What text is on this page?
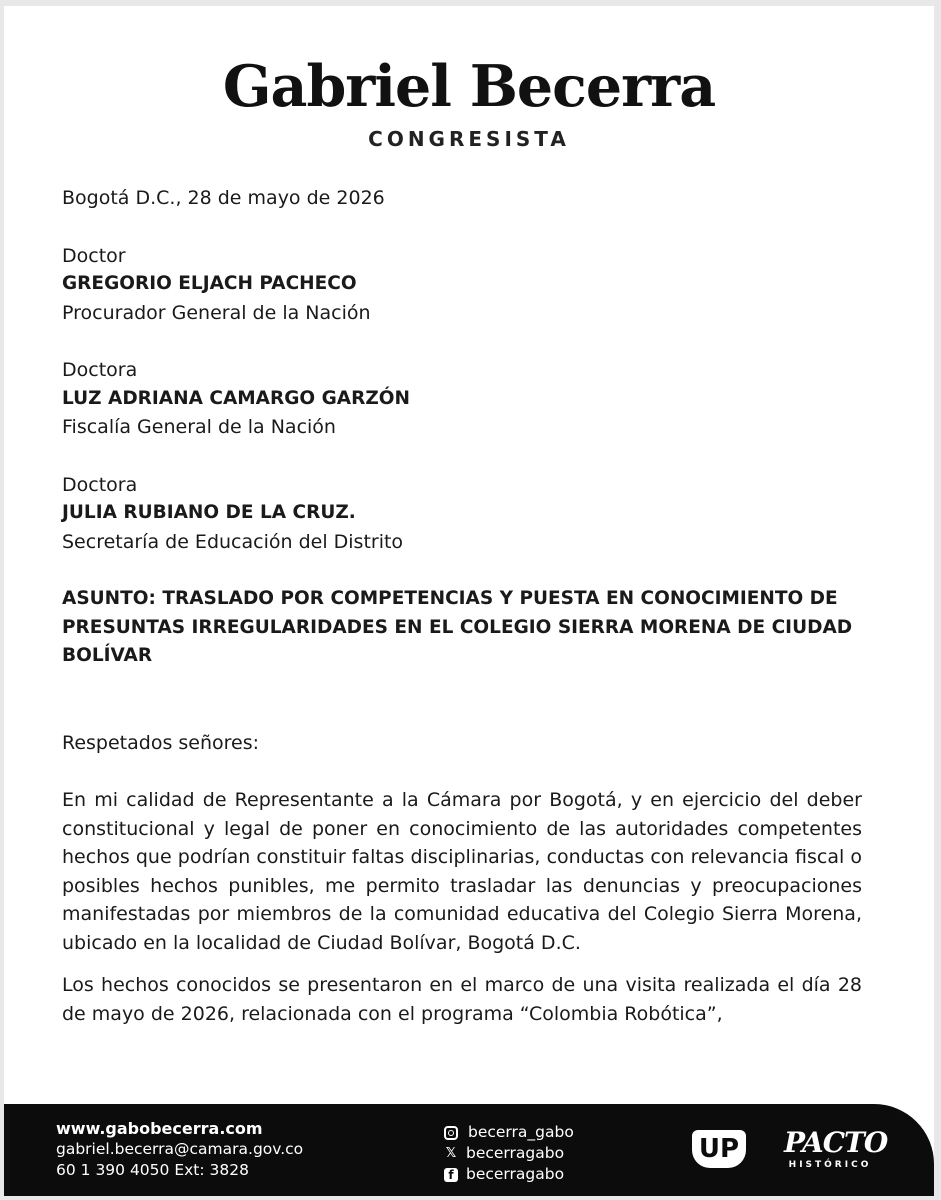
Gabriel Becerra
CONGRESISTA

Bogotá D.C., 28 de mayo de 2026

Doctor

GREGORIO ELJACH PACHECO

Procurador General de la Nación

Doctora

LUZ ADRIANA CAMARGO GARZÓN

Fiscalía General de la Nación

Doctora

JULIA RUBIANO DE LA CRUZ.

Secretaría de Educación del Distrito

ASUNTO: TRASLADO POR COMPETENCIAS Y PUESTA EN CONOCIMIENTO DE PRESUNTAS IRREGULARIDADES EN EL COLEGIO SIERRA MORENA DE CIUDAD BOLÍVAR

Respetados señores:

En mi calidad de Representante a la Cámara por Bogotá, y en ejercicio del deber constitucional y legal de poner en conocimiento de las autoridades competentes hechos que podrían constituir faltas disciplinarias, conductas con relevancia fiscal o posibles hechos punibles, me permito trasladar las denuncias y preocupaciones manifestadas por miembros de la comunidad educativa del Colegio Sierra Morena, ubicado en la localidad de Ciudad Bolívar, Bogotá D.C.

Los hechos conocidos se presentaron en el marco de una visita realizada el día 28 de mayo de 2026, relacionada con el programa “Colombia Robótica”,

www.gabobecerra.com
gabriel.becerra@camara.gov.co
60 1 390 4050 Ext: 3828
becerra_gabo
𝕏 becerragabo
f becerragabo
UP PACTO
HISTÓRICO
